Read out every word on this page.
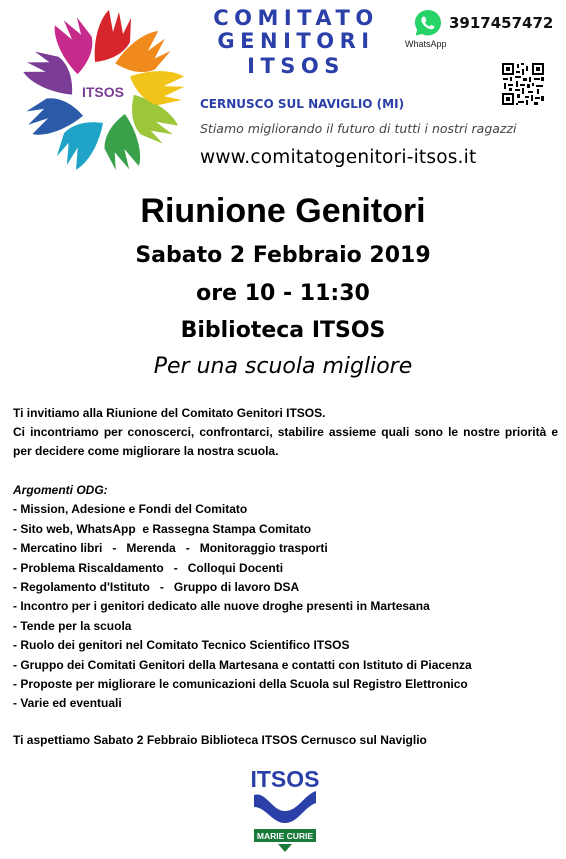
ITSOS
COMITATO
GENITORI
ITSOS
CERNUSCO SUL NAVIGLIO (MI)
Stiamo migliorando il futuro di tutti i nostri ragazzi
www.comitatogenitori-itsos.it
WhatsApp
3917457472
Riunione Genitori
Sabato 2 Febbraio 2019
ore 10 - 11:30
Biblioteca ITSOS
Per una scuola migliore

Ti invitiamo alla Riunione del Comitato Genitori ITSOS.

Ci incontriamo per conoscerci, confrontarci, stabilire assieme quali sono le nostre priorità e per decidere come migliorare la nostra scuola.

Argomenti ODG:
- Mission, Adesione e Fondi del Comitato
- Sito web, WhatsApp  e Rassegna Stampa Comitato
- Mercatino libri   -   Merenda   -   Monitoraggio trasporti
- Problema Riscaldamento   -   Colloqui Docenti
- Regolamento d'Istituto   -   Gruppo di lavoro DSA
- Incontro per i genitori dedicato alle nuove droghe presenti in Martesana
- Tende per la scuola
- Ruolo dei genitori nel Comitato Tecnico Scientifico ITSOS
- Gruppo dei Comitati Genitori della Martesana e contatti con Istituto di Piacenza
- Proposte per migliorare le comunicazioni della Scuola sul Registro Elettronico
- Varie ed eventuali
Ti aspettiamo Sabato 2 Febbraio Biblioteca ITSOS Cernusco sul Naviglio
ITSOS
MARIE CURIE
